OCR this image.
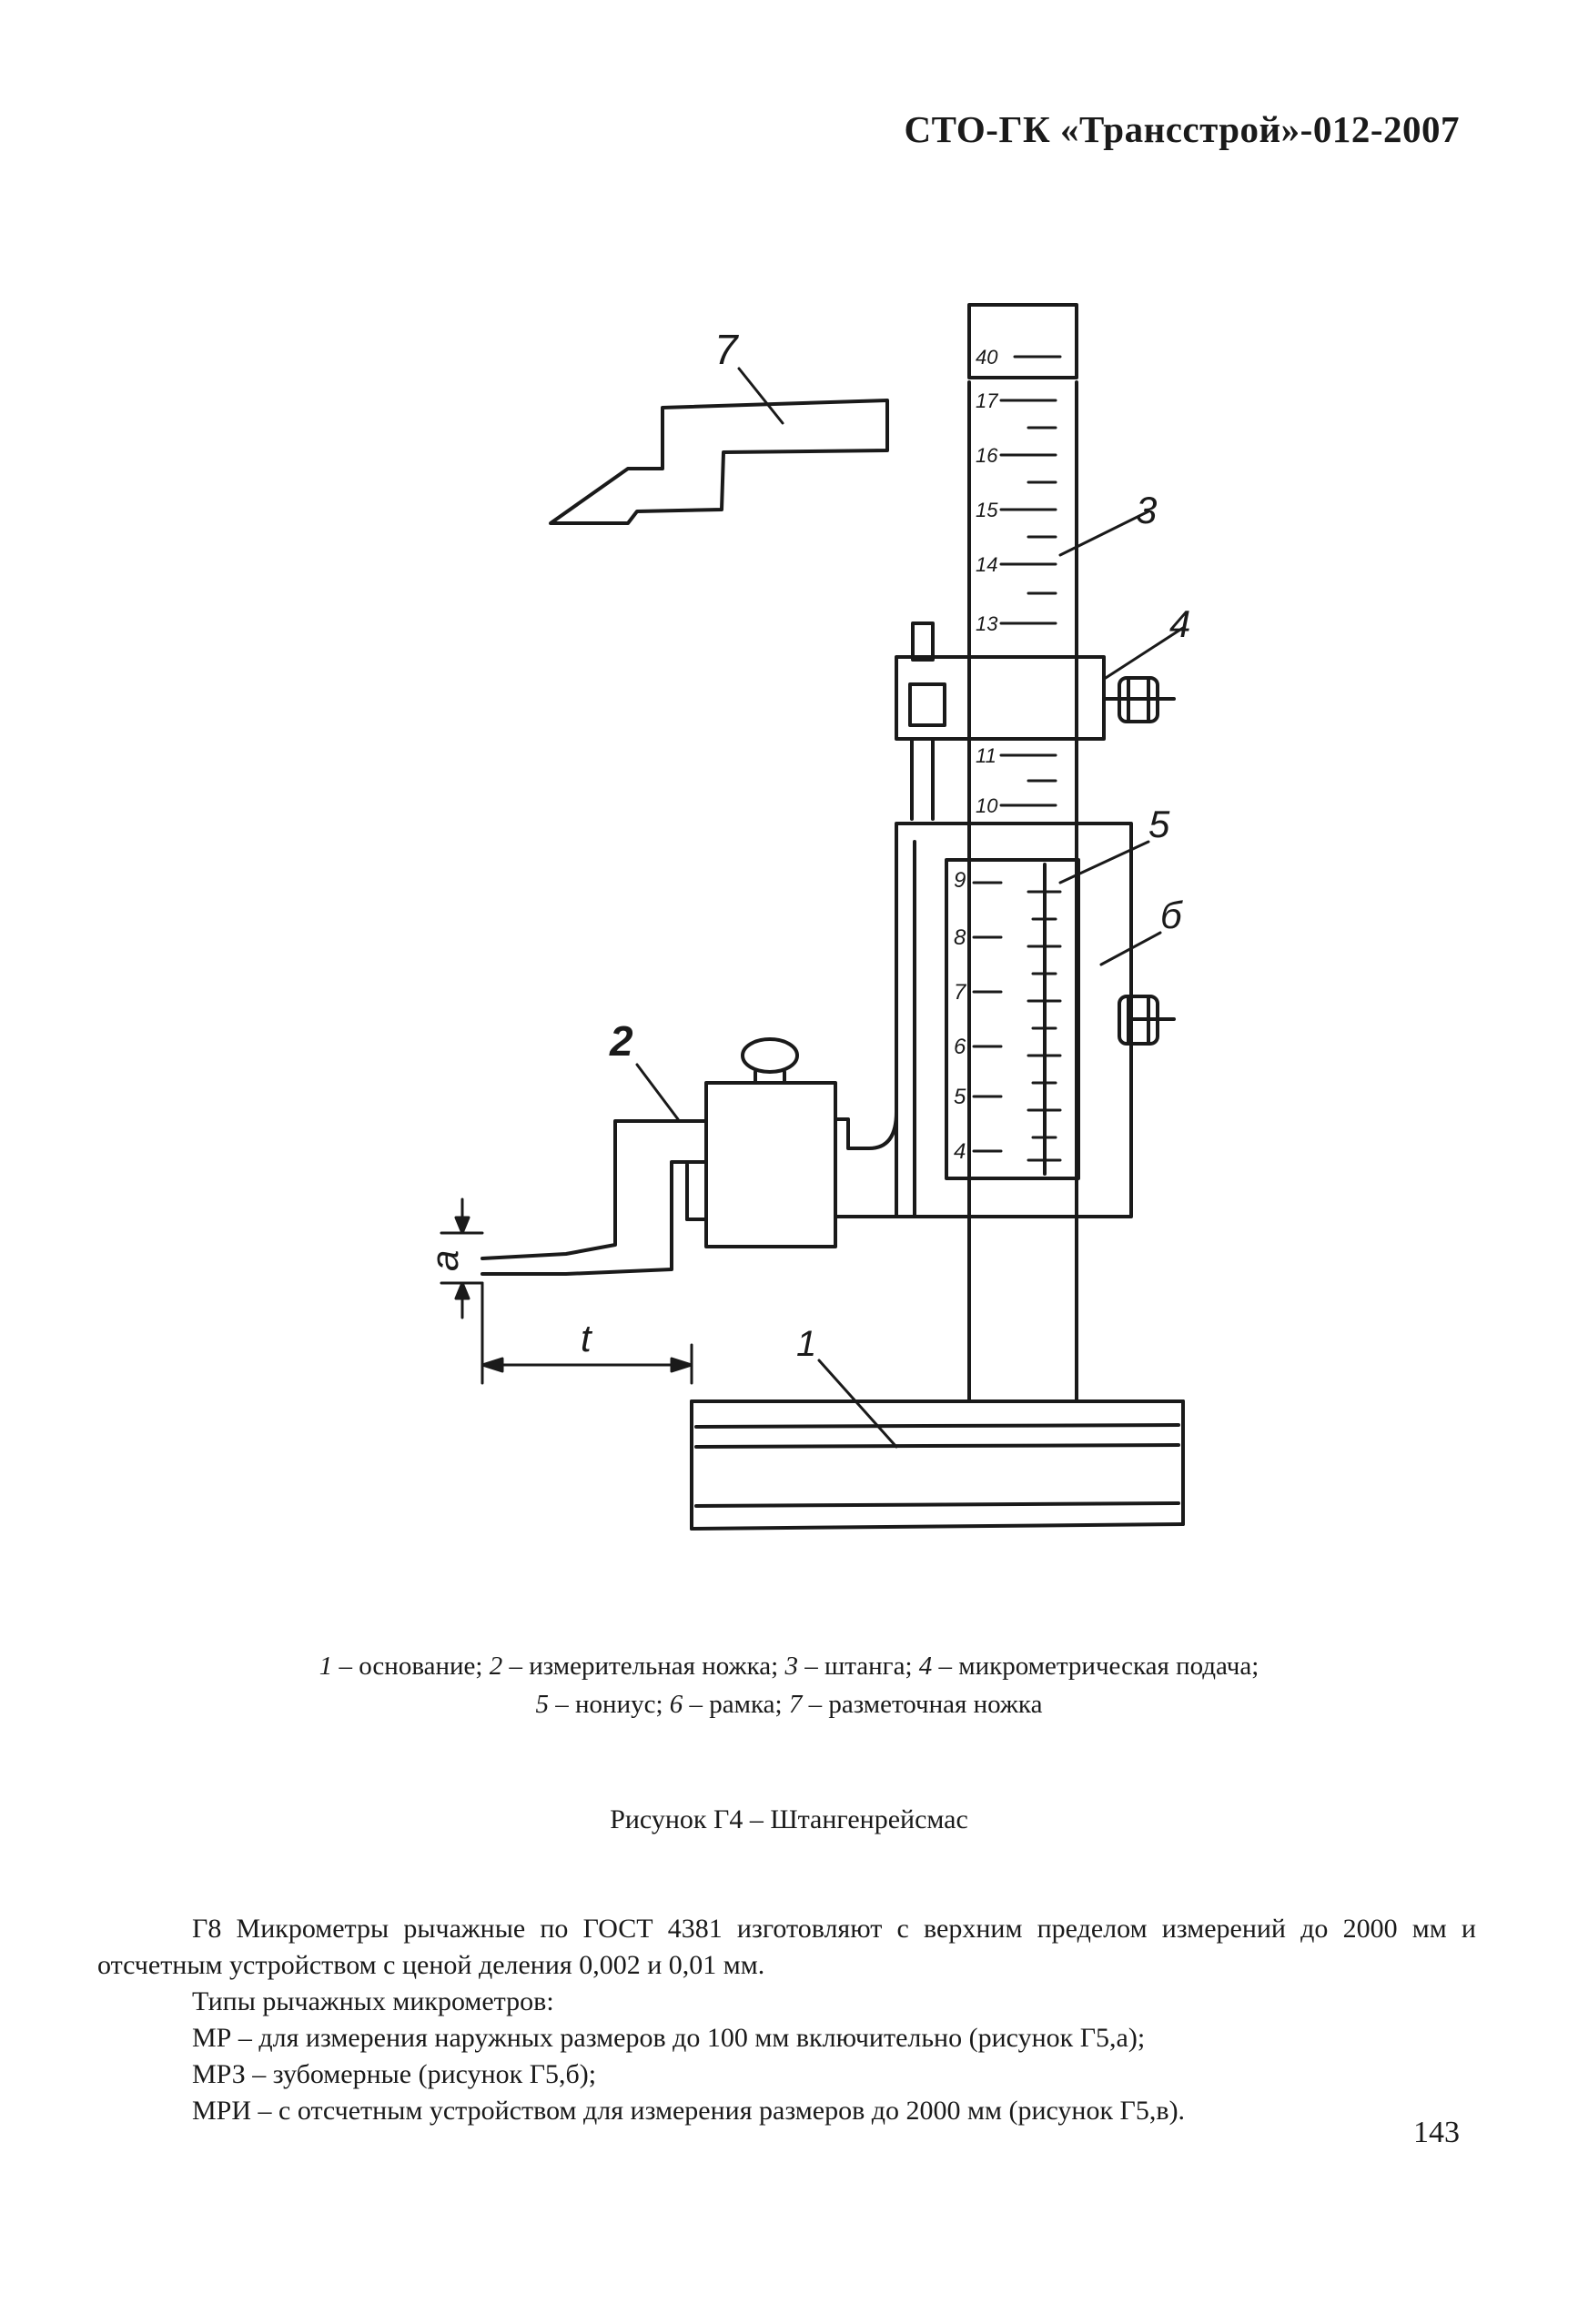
СТО-ГК «Трансстрой»-012-2007
7
3
4
5
б
2
1
a
t
40
17
16
15
14
13
12
11
10
9
8
7
6
5
4
1 – основание; 2 – измерительная ножка; 3 – штанга; 4 – микрометрическая подача;
5 – нониус; 6 – рамка; 7 – разметочная ножка
Рисунок Г4 – Штангенрейсмас

Г8 Микрометры рычажные по ГОСТ 4381 изготовляют с верхним пределом измерений до 2000 мм и отсчетным устройством с ценой деления 0,002 и 0,01 мм.

Типы рычажных микрометров:

МР – для измерения наружных размеров до 100 мм включительно (рисунок Г5,а);

МРЗ – зубомерные (рисунок Г5,б);

МРИ – с отсчетным устройством для измерения размеров до 2000 мм (рисунок Г5,в).

143
